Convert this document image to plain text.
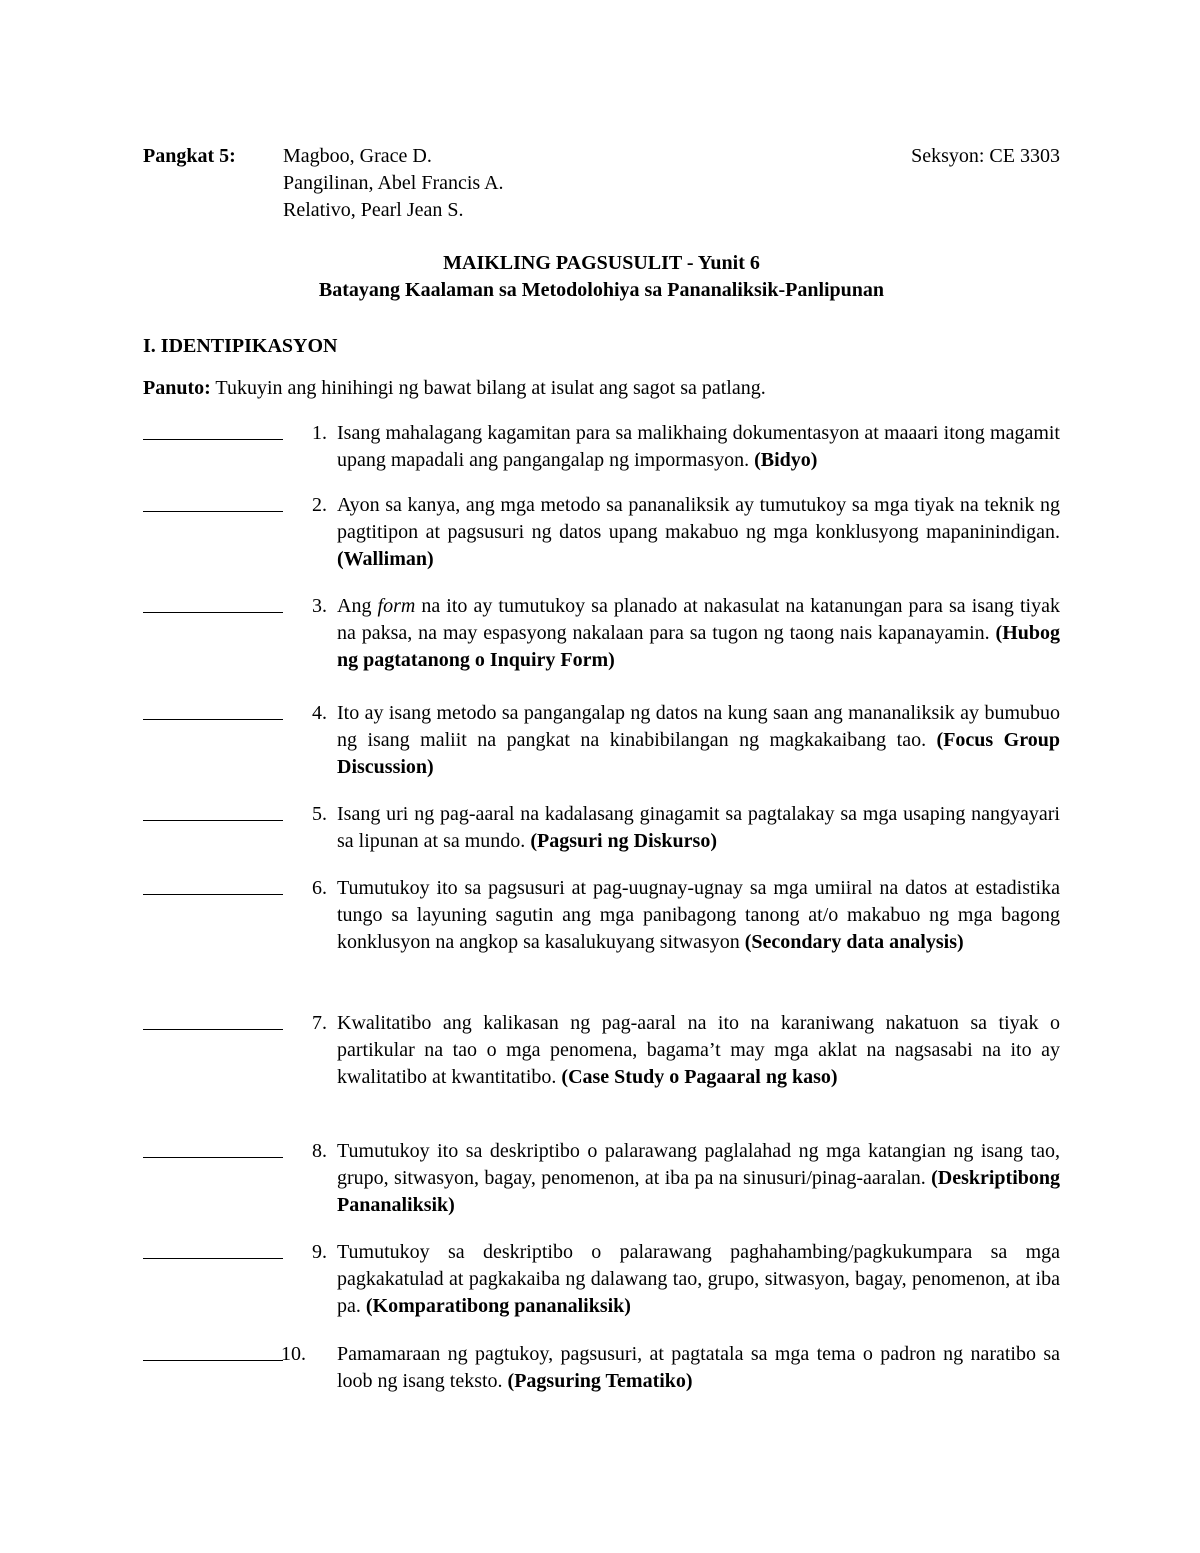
Pangkat 5: Magboo, Grace D.
Pangilinan, Abel Francis A.
Relativo, Pearl Jean S.
Seksyon: CE 3303
MAIKLING PAGSUSULIT - Yunit 6
Batayang Kaalaman sa Metodolohiya sa Pananaliksik-Panlipunan
I. IDENTIPIKASYON
Panuto: Tukuyin ang hinihingi ng bawat bilang at isulat ang sagot sa patlang.
1. Isang mahalagang kagamitan para sa malikhaing dokumentasyon at maaari itong magamit upang mapadali ang pangangalap ng impormasyon. (Bidyo)
2. Ayon sa kanya, ang mga metodo sa pananaliksik ay tumutukoy sa mga tiyak na teknik ng pagtitipon at pagsusuri ng datos upang makabuo ng mga konklusyong mapaninindigan. (Walliman)
3. Ang form na ito ay tumutukoy sa planado at nakasulat na katanungan para sa isang tiyak na paksa, na may espasyong nakalaan para sa tugon ng taong nais kapanayamin. (Hubog ng pagtatanong o Inquiry Form)
4. Ito ay isang metodo sa pangangalap ng datos na kung saan ang mananaliksik ay bumubuo ng isang maliit na pangkat na kinabibilangan ng magkakaibang tao. (Focus Group Discussion)
5. Isang uri ng pag-aaral na kadalasang ginagamit sa pagtalakay sa mga usaping nangyayari sa lipunan at sa mundo. (Pagsuri ng Diskurso)
6. Tumutukoy ito sa pagsusuri at pag-uugnay-ugnay sa mga umiiral na datos at estadistika tungo sa layuning sagutin ang mga panibagong tanong at/o makabuo ng mga bagong konklusyon na angkop sa kasalukuyang sitwasyon (Secondary data analysis)
7. Kwalitatibo ang kalikasan ng pag-aaral na ito na karaniwang nakatuon sa tiyak o partikular na tao o mga penomena, bagama’t may mga aklat na nagsasabi na ito ay kwalitatibo at kwantitatibo. (Case Study o Pagaaral ng kaso)
8. Tumutukoy ito sa deskriptibo o palarawang paglalahad ng mga katangian ng isang tao, grupo, sitwasyon, bagay, penomenon, at iba pa na sinusuri/pinag-aaralan. (Deskriptibong Pananaliksik)
9. Tumutukoy sa deskriptibo o palarawang paghahambing/pagkukumpara sa mga pagkakatulad at pagkakaiba ng dalawang tao, grupo, sitwasyon, bagay, penomenon, at iba pa. (Komparatibong pananaliksik)
10.	Pamamaraan ng pagtukoy, pagsusuri, at pagtatala sa mga tema o padron ng naratibo sa loob ng isang teksto. (Pagsuring Tematiko)
